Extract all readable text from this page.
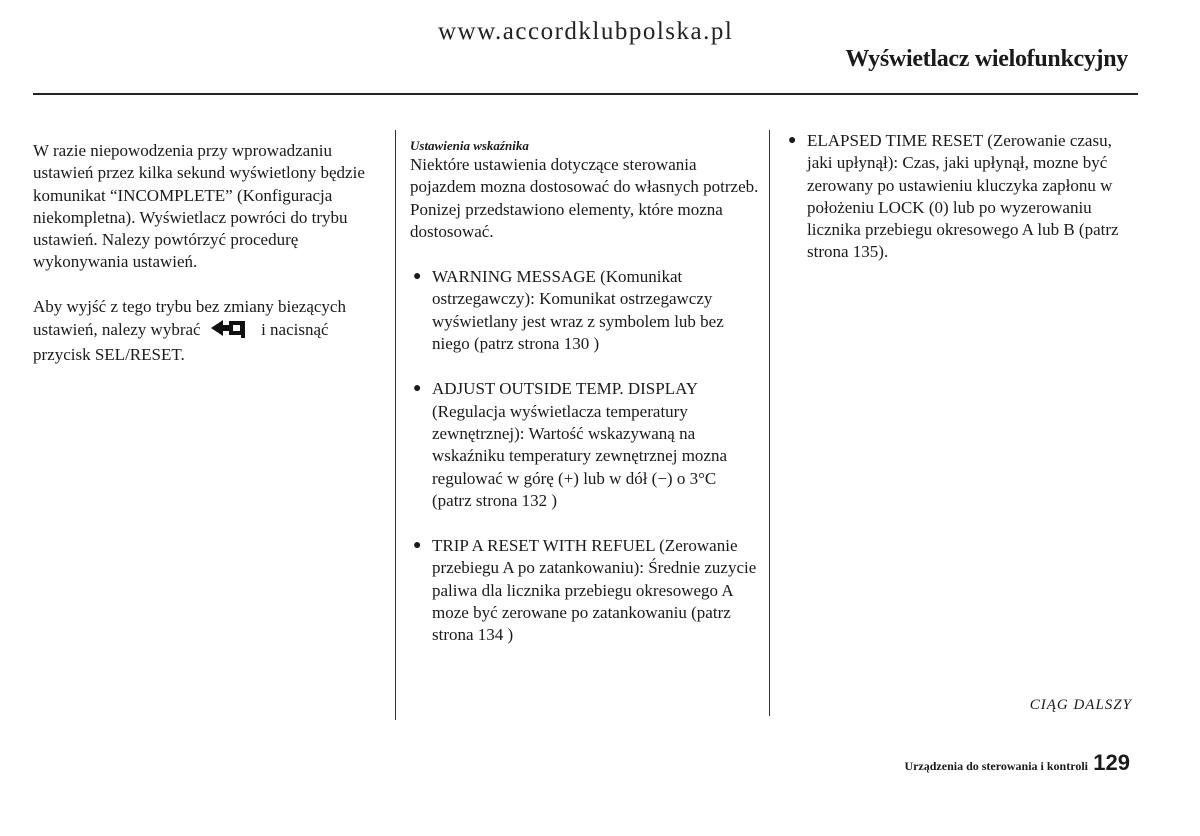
www.accordklubpolska.pl
Wyświetlacz wielofunkcyjny

W razie niepowodzenia przy wprowadzaniu ustawień przez kilka sekund wyświetlony będzie komunikat “INCOMPLETE” (Konfiguracja niekompletna). Wyświetlacz powróci do trybu ustawień. Nalezy powtórzyć procedurę wykonywania ustawień.

Aby wyjść z tego trybu bez zmiany biezących ustawień, nalezy wybrać	i nacisnąć przycisk SEL/RESET.

Ustawienia wskaźnika

Niektóre ustawienia dotyczące sterowania pojazdem mozna dostosować do własnych potrzeb. Ponizej przedstawiono elementy, które mozna dostosować.

● WARNING MESSAGE (Komunikat ostrzegawczy): Komunikat ostrzegawczy wyświetlany jest wraz z symbolem lub bez niego (patrz strona 130 )
● ADJUST OUTSIDE TEMP. DISPLAY (Regulacja wyświetlacza temperatury zewnętrznej): Wartość wskazywaną na wskaźniku temperatury zewnętrznej mozna regulować w górę (+) lub w dół (−) o 3°C (patrz strona 132 )
● TRIP A RESET WITH REFUEL (Zerowanie przebiegu A po zatankowaniu): Średnie zuzycie paliwa dla licznika przebiegu okresowego A moze być zerowane po zatankowaniu (patrz strona 134 )
● ELAPSED TIME RESET (Zerowanie czasu, jaki upłynął): Czas, jaki upłynął, mozne być zerowany po ustawieniu kluczyka zapłonu w położeniu LOCK (0) lub po wyzerowaniu licznika przebiegu okresowego A lub B (patrz strona 135).
CIĄG DALSZY
Urządzenia do sterowania i kontroli 129
